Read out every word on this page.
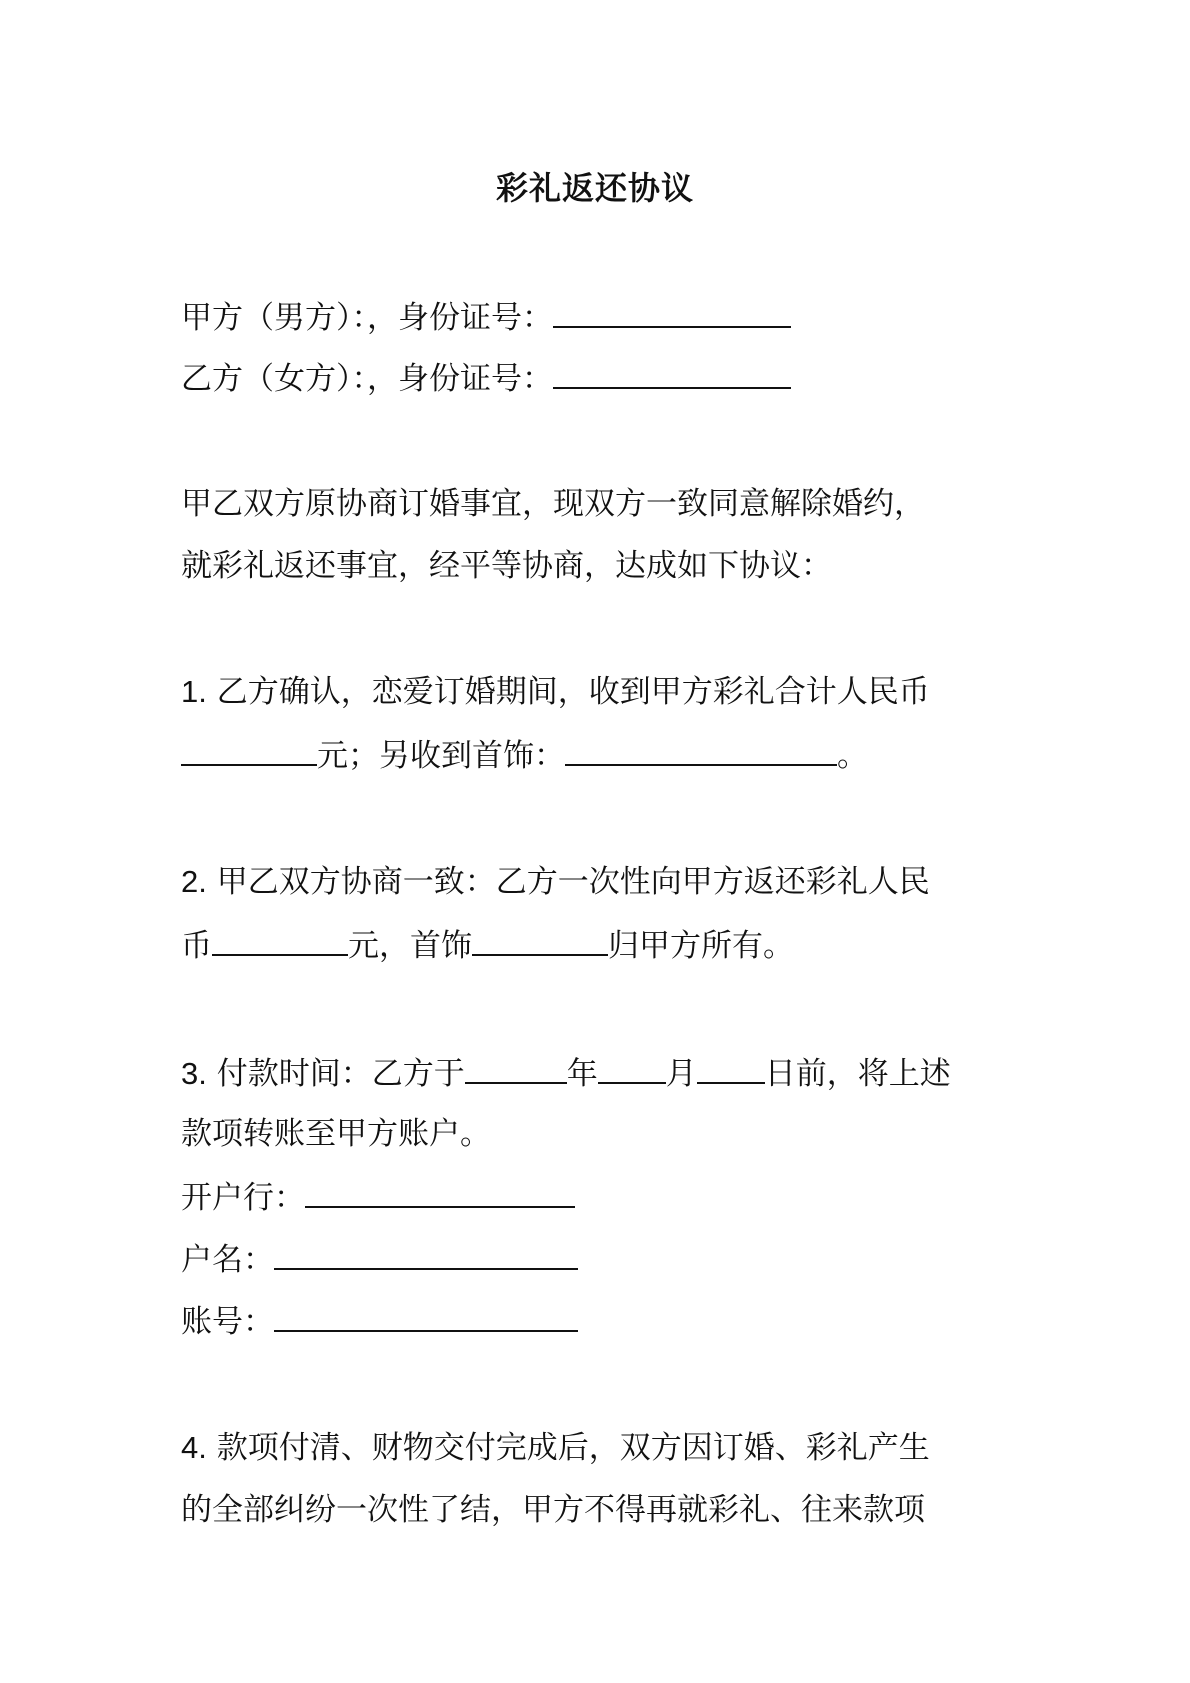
彩礼返还协议
甲方（男方）：，身份证号：
乙方（女方）：，身份证号：
甲乙双方原协商订婚事宜，现双方一致同意解除婚约，
就彩礼返还事宜，经平等协商，达成如下协议：
1. 乙方确认，恋爱订婚期间，收到甲方彩礼合计人民币
元；另收到首饰：	。
2. 甲乙双方协商一致：乙方一次性向甲方返还彩礼人民
币	元，首饰	归甲方所有。
3. 付款时间：乙方于	年 月 日前，将上述
款项转账至甲方账户。
开户行：
户名：
账号：
4. 款项付清、财物交付完成后，双方因订婚、彩礼产生
的全部纠纷一次性了结，甲方不得再就彩礼、往来款项
